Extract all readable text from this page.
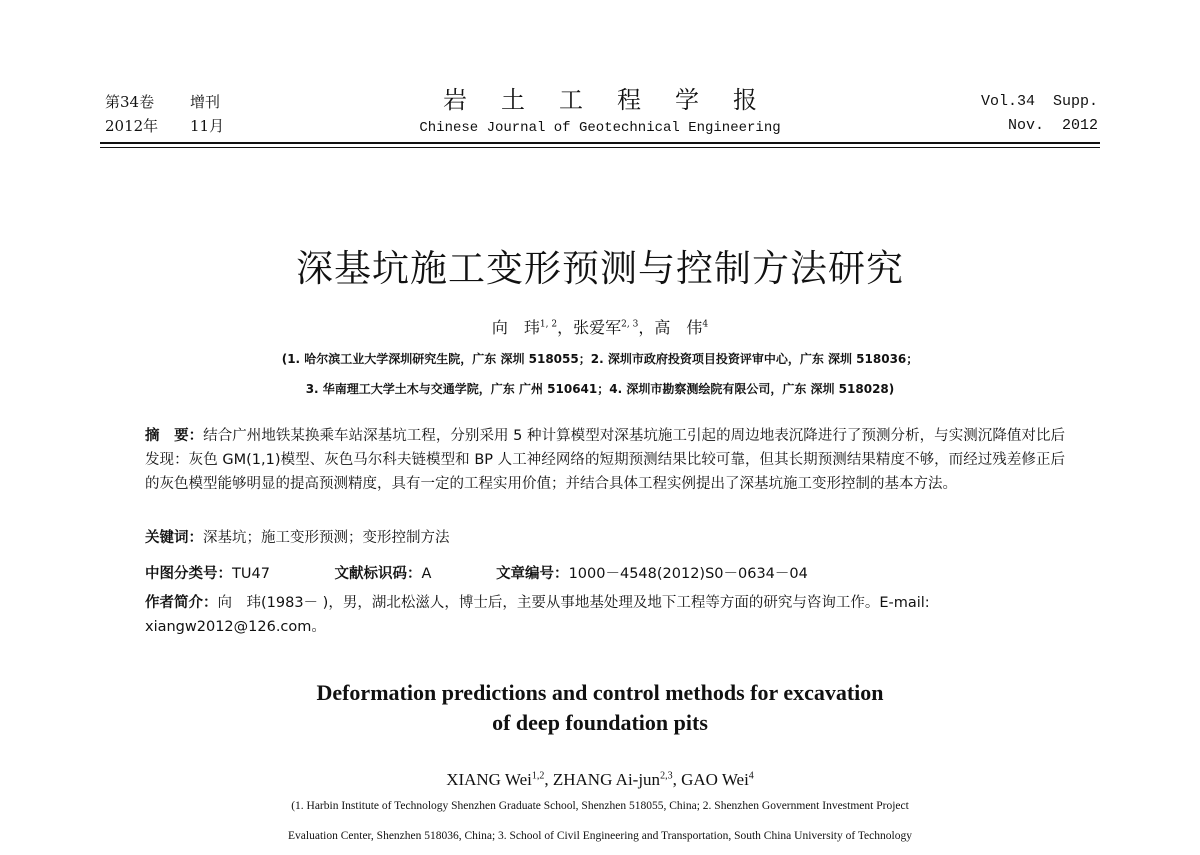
第34卷	增刊
2012年	11月
岩土工程学报
Chinese Journal of Geotechnical Engineering
Vol.34  Supp.
Nov.  2012
深基坑施工变形预测与控制方法研究
向　玮$^{1, 2}$，张爱军$^{2, 3}$，高　伟$^4$
(1. 哈尔滨工业大学深圳研究生院，广东 深圳 518055；2. 深圳市政府投资项目投资评审中心，广东 深圳 518036；
3. 华南理工大学土木与交通学院，广东 广州 510641；4. 深圳市勘察测绘院有限公司，广东 深圳 518028)
摘　要：结合广州地铁某换乘车站深基坑工程，分别采用 5 种计算模型对深基坑施工引起的周边地表沉降进行了预测分析，与实测沉降值对比后发现：灰色 GM(1,1)模型、灰色马尔科夫链模型和 BP 人工神经网络的短期预测结果比较可靠，但其长期预测结果精度不够，而经过残差修正后的灰色模型能够明显的提高预测精度，具有一定的工程实用价值；并结合具体工程实例提出了深基坑施工变形控制的基本方法。
关键词：深基坑；施工变形预测；变形控制方法
中图分类号：TU47	文献标识码：A	文章编号：1000－4548(2012)S0－0634－04
作者简介：向　玮(1983－ )，男，湖北松滋人，博士后，主要从事地基处理及地下工程等方面的研究与咨询工作。E-mail: xiangw2012@126.com。
Deformation predictions and control methods for excavation
of deep foundation pits
XIANG Wei$^{1,2}$, ZHANG Ai-jun$^{2,3}$, GAO Wei$^4$
(1. Harbin Institute of Technology Shenzhen Graduate School, Shenzhen 518055, China; 2. Shenzhen Government Investment Project
Evaluation Center, Shenzhen 518036, China; 3. School of Civil Engineering and Transportation, South China University of Technology
